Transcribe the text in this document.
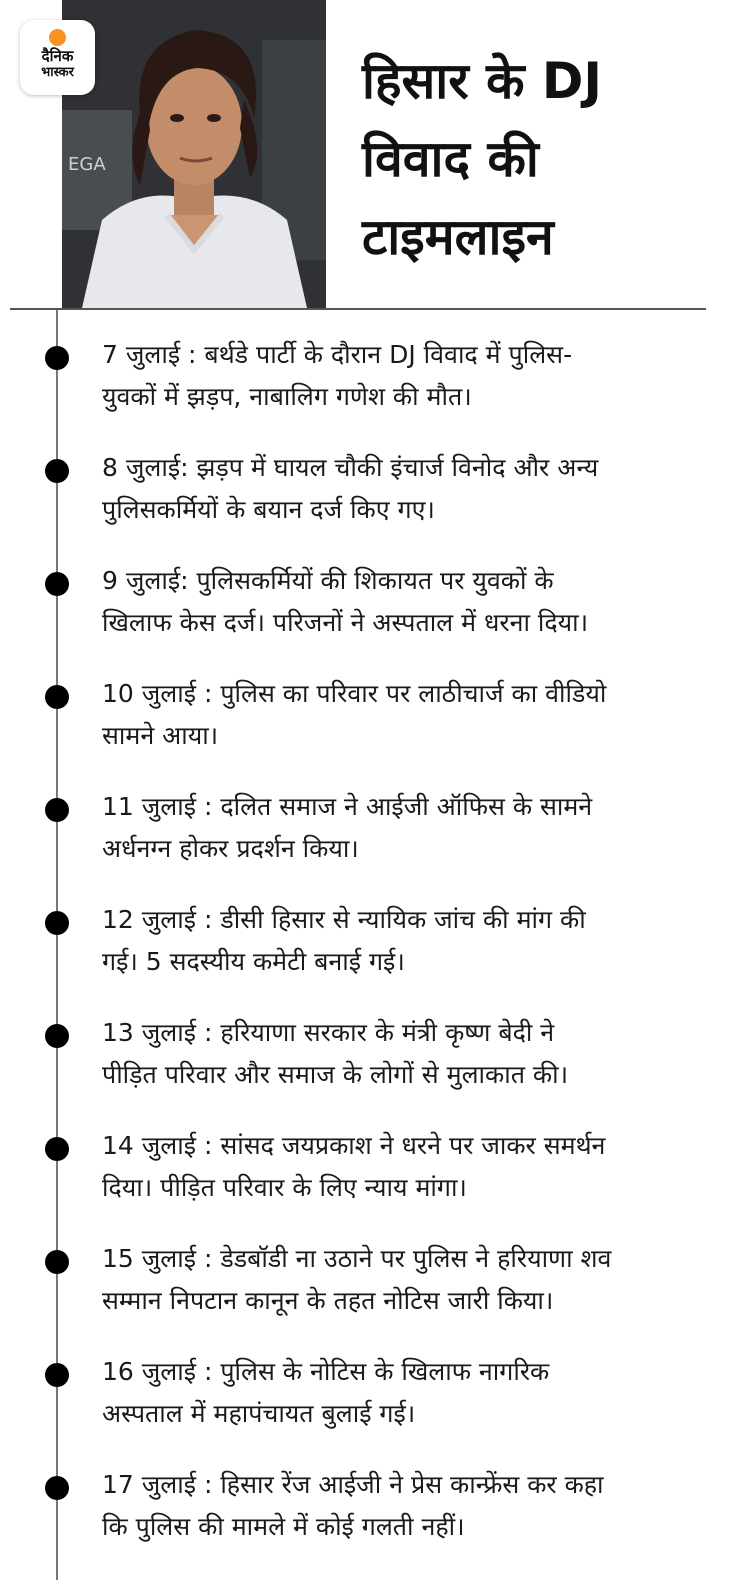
EGA
दैनिक
भास्कर	हिसार के DJ
विवाद की
टाइमलाइन
7 जुलाई : बर्थडे पार्टी के दौरान DJ विवाद में पुलिस-
युवकों में झड़प, नाबालिग गणेश की मौत।
8 जुलाई: झड़प में घायल चौकी इंचार्ज विनोद और अन्य
पुलिसकर्मियों के बयान दर्ज किए गए।
9 जुलाई: पुलिसकर्मियों की शिकायत पर युवकों के
खिलाफ केस दर्ज। परिजनों ने अस्पताल में धरना दिया।
10 जुलाई : पुलिस का परिवार पर लाठीचार्ज का वीडियो
सामने आया।
11 जुलाई : दलित समाज ने आईजी ऑफिस के सामने
अर्धनग्न होकर प्रदर्शन किया।
12 जुलाई : डीसी हिसार से न्यायिक जांच की मांग की
गई। 5 सदस्यीय कमेटी बनाई गई।
13 जुलाई : हरियाणा सरकार के मंत्री कृष्ण बेदी ने
पीड़ित परिवार और समाज के लोगों से मुलाकात की।
14 जुलाई : सांसद जयप्रकाश ने धरने पर जाकर समर्थन
दिया। पीड़ित परिवार के लिए न्याय मांगा।
15 जुलाई : डेडबॉडी ना उठाने पर पुलिस ने हरियाणा शव
सम्मान निपटान कानून के तहत नोटिस जारी किया।
16 जुलाई : पुलिस के नोटिस के खिलाफ नागरिक
अस्पताल में महापंचायत बुलाई गई।
17 जुलाई : हिसार रेंज आईजी ने प्रेस कान्फ्रेंस कर कहा
कि पुलिस की मामले में कोई गलती नहीं।
